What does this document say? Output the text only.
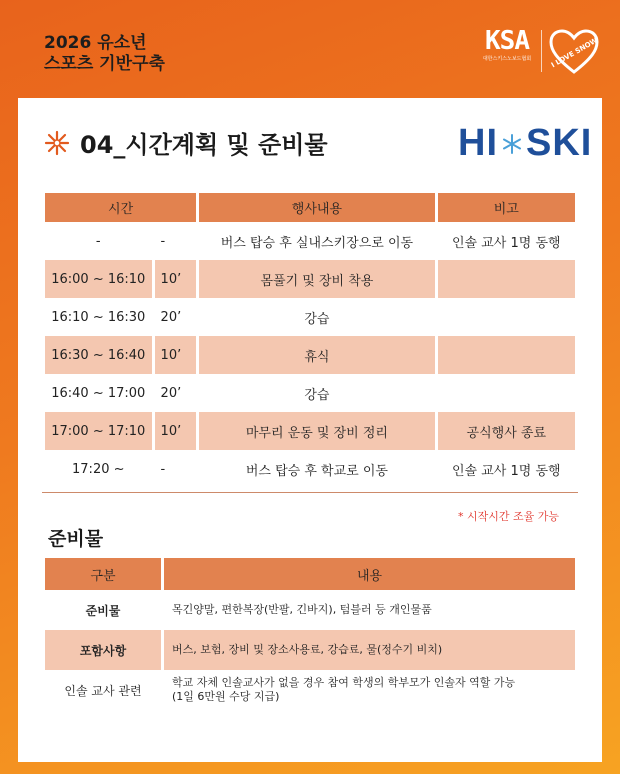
2026 유소년
스포츠 기반구축
KSA
대한스키스노보드협회	I LOVE SNOW
04_시간계획 및 준비물	HI SKI
시간		행사내용	비고
-	-	버스 탑승 후 실내스키장으로 이동	인솔 교사 1명 동행
16:00 ~ 16:10	10’	몸풀기 및 장비 착용	
16:10 ~ 16:30	20’	강습	
16:30 ~ 16:40	10’	휴식	
16:40 ~ 17:00	20’	강습	
17:00 ~ 17:10	10’	마무리 운동 및 장비 정리	공식행사 종료
17:20 ~	-	버스 탑승 후 학교로 이동	인솔 교사 1명 동행
* 시작시간 조율 가능
준비물
구분	내용
준비물	목긴양말, 편한복장(반팔, 긴바지), 텀블러 등 개인물품
포함사항	버스, 보험, 장비 및 장소사용료, 강습료, 물(정수기 비치)
인솔 교사 관련	학교 자체 인솔교사가 없을 경우 참여 학생의 학부모가 인솔자 역할 가능
(1일 6만원 수당 지급)
